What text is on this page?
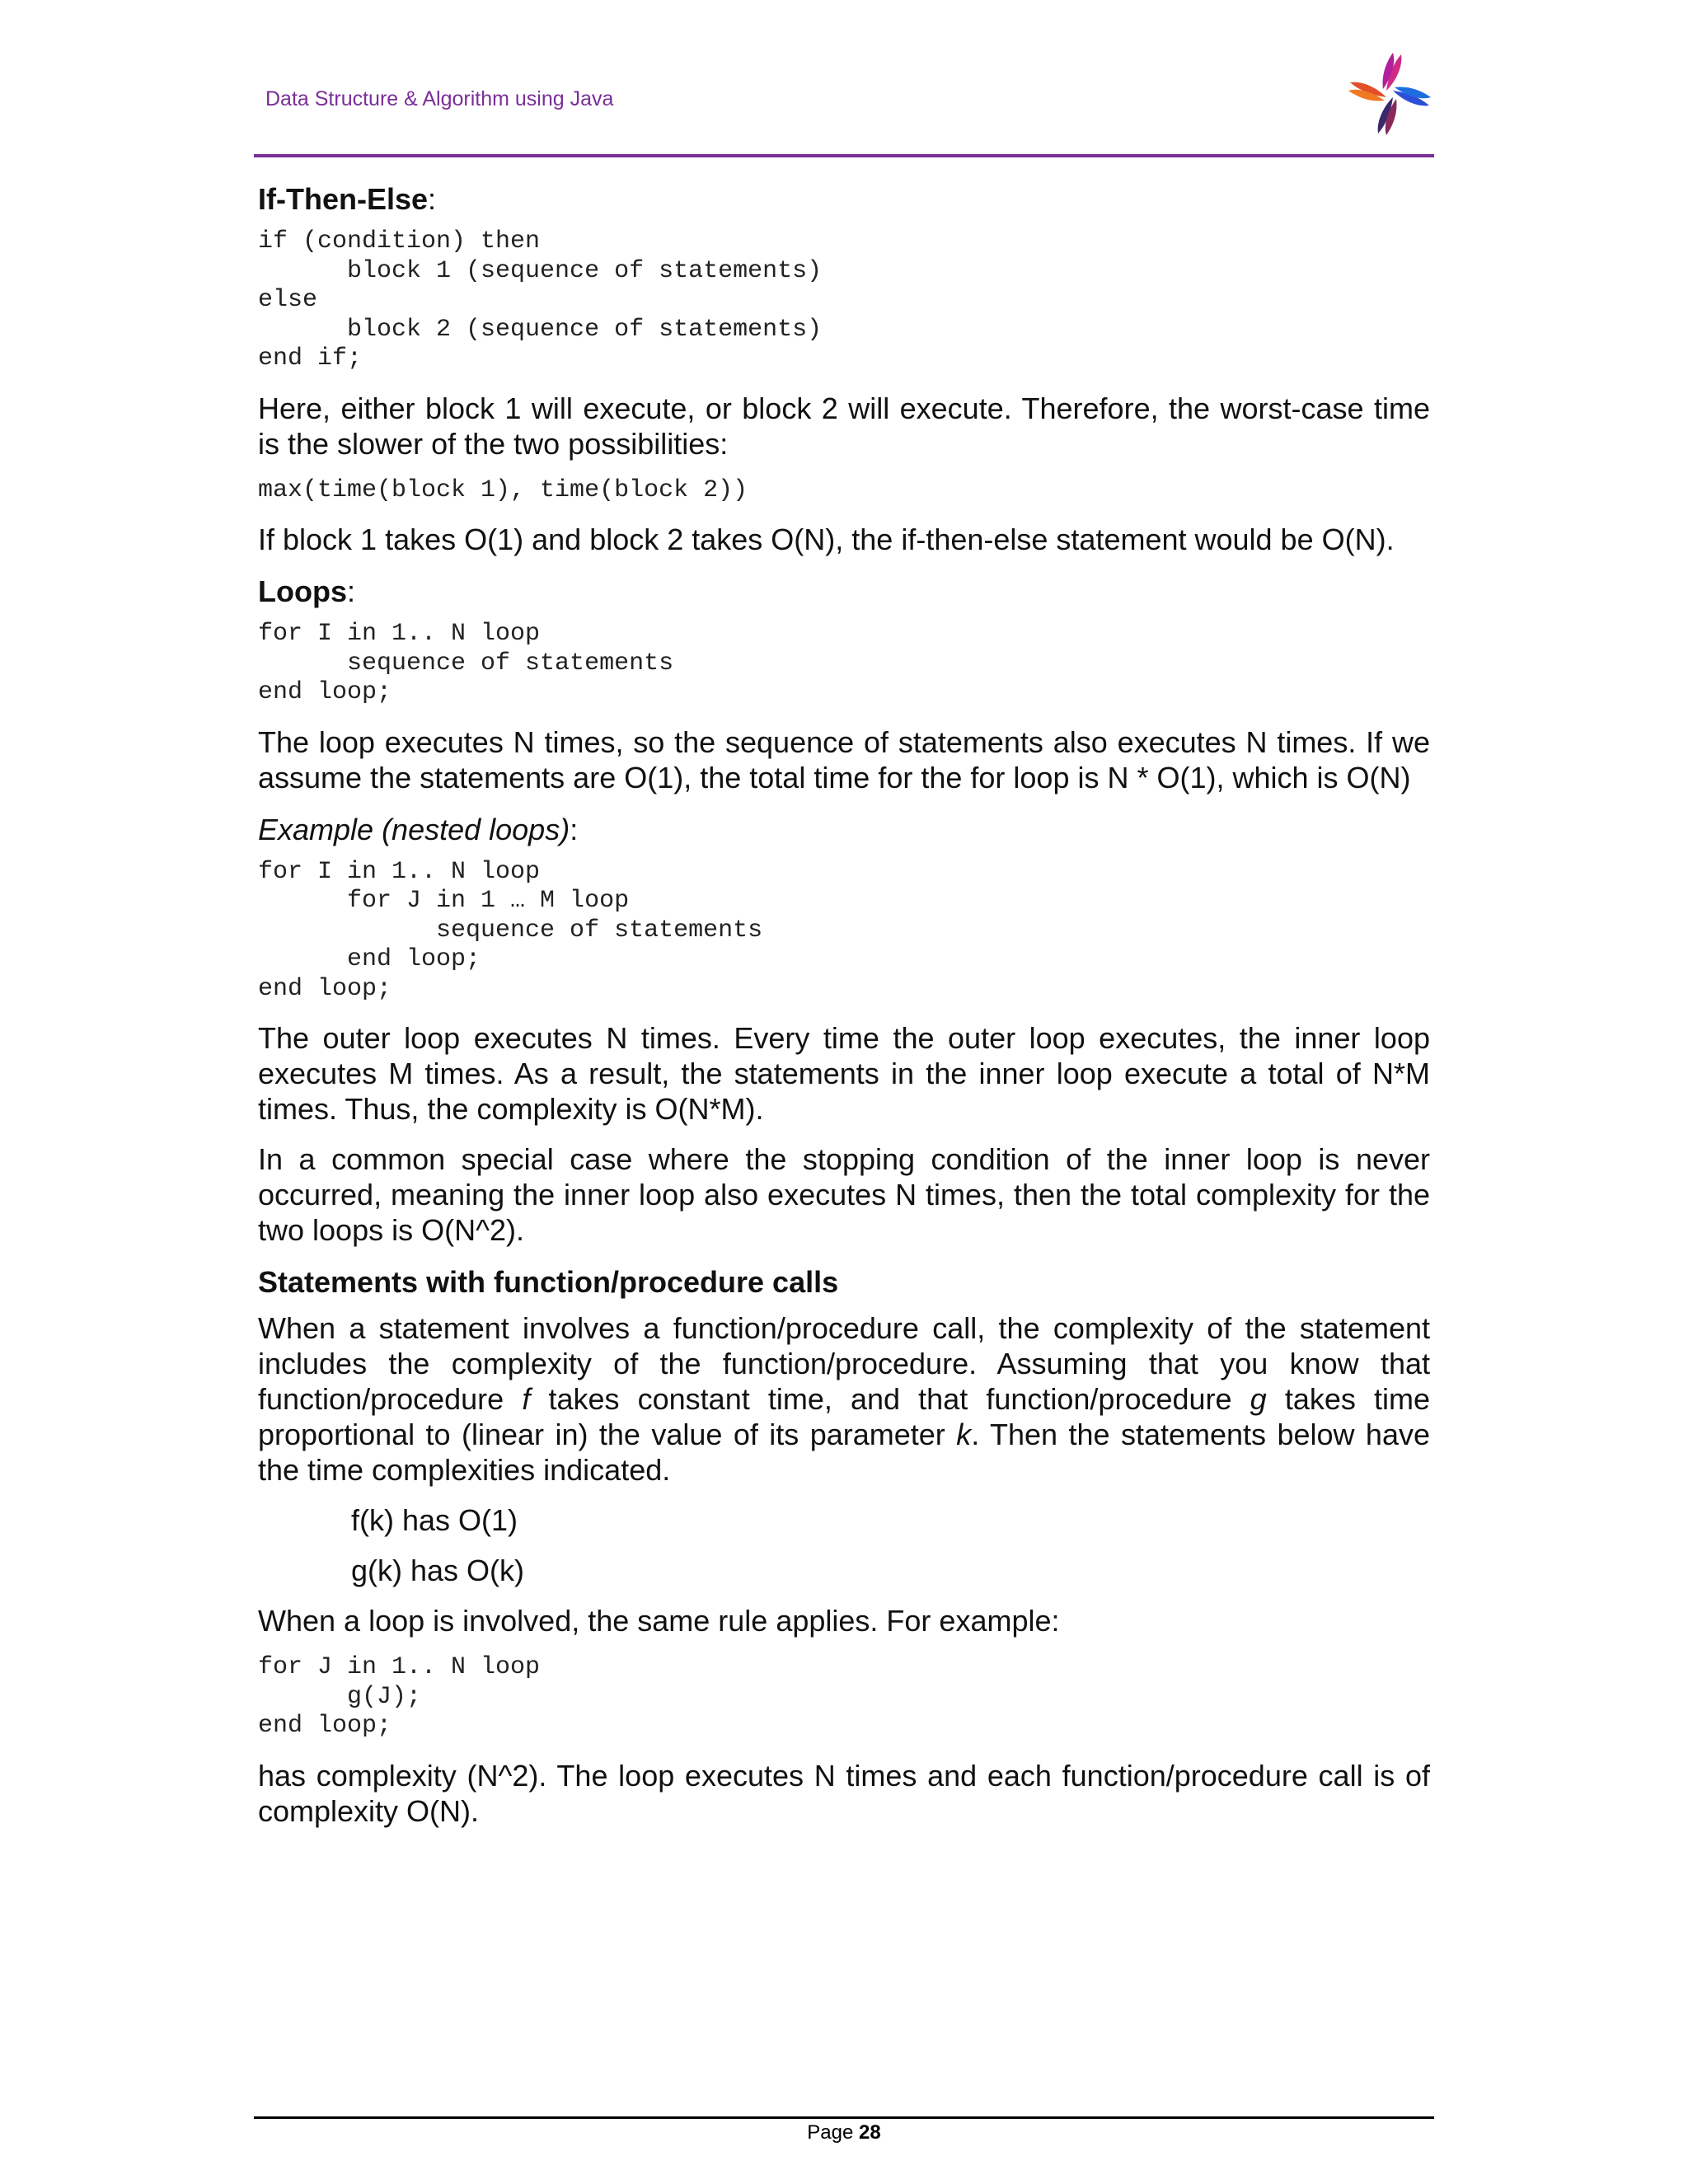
Data Structure & Algorithm using Java
If-Then-Else:
if (condition) then
block 1 (sequence of statements)
else
block 2 (sequence of statements)
end if;

Here, either block 1 will execute, or block 2 will execute. Therefore, the worst-case time is the slower of the two possibilities:

max(time(block 1), time(block 2))

If block 1 takes O(1) and block 2 takes O(N), the if-then-else statement would be O(N).

Loops:
for I in 1.. N loop
sequence of statements
end loop;

The loop executes N times, so the sequence of statements also executes N times. If we assume the statements are O(1), the total time for the for loop is N * O(1), which is O(N)

Example (nested loops):
for I in 1.. N loop
for J in 1 … M loop
sequence of statements
end loop;
end loop;

The outer loop executes N times. Every time the outer loop executes, the inner loop executes M times. As a result, the statements in the inner loop execute a total of N*M times. Thus, the complexity is O(N*M).

In a common special case where the stopping condition of the inner loop is never occurred, meaning the inner loop also executes N times, then the total complexity for the two loops is O(N^2).

Statements with function/procedure calls

When a statement involves a function/procedure call, the complexity of the statement includes the complexity of the function/procedure. Assuming that you know that function/procedure f takes constant time, and that function/procedure g takes time proportional to (linear in) the value of its parameter k. Then the statements below have the time complexities indicated.

f(k) has O(1)
g(k) has O(k)

When a loop is involved, the same rule applies. For example:

for J in 1.. N loop
g(J);
end loop;

has complexity (N^2). The loop executes N times and each function/procedure call is of complexity O(N).

Page 28
